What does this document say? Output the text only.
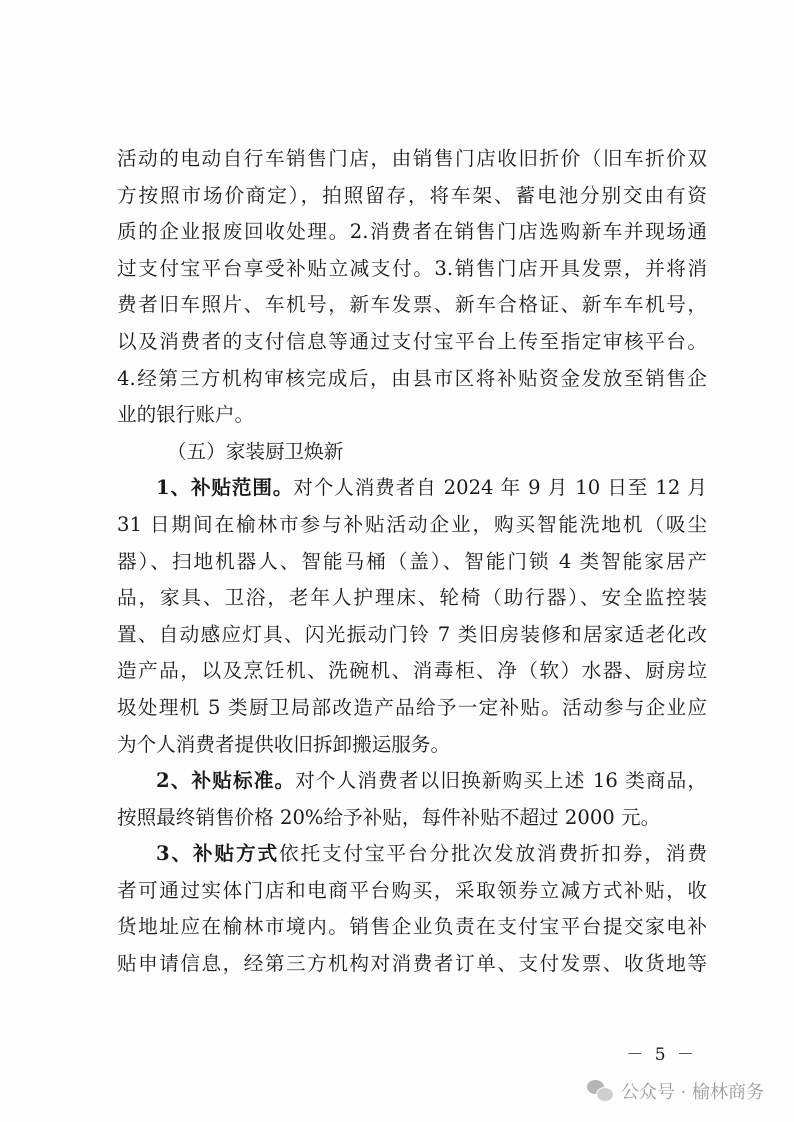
活动的电动自行车销售门店，由销售门店收旧折价（旧车折价双
方按照市场价商定），拍照留存，将车架、蓄电池分别交由有资
质的企业报废回收处理。2.消费者在销售门店选购新车并现场通
过支付宝平台享受补贴立减支付。3.销售门店开具发票，并将消
费者旧车照片、车机号，新车发票、新车合格证、新车车机号，
以及消费者的支付信息等通过支付宝平台上传至指定审核平台。
4.经第三方机构审核完成后，由县市区将补贴资金发放至销售企
业的银行账户。
（五）家装厨卫焕新
1、补贴范围。对个人消费者自 2024 年 9 月 10 日至 12 月
31 日期间在榆林市参与补贴活动企业，购买智能洗地机（吸尘
器）、扫地机器人、智能马桶（盖）、智能门锁 4 类智能家居产
品，家具、卫浴，老年人护理床、轮椅（助行器）、安全监控装
置、自动感应灯具、闪光振动门铃 7 类旧房装修和居家适老化改
造产品，以及烹饪机、洗碗机、消毒柜、净（软）水器、厨房垃
圾处理机 5 类厨卫局部改造产品给予一定补贴。活动参与企业应
为个人消费者提供收旧拆卸搬运服务。
2、补贴标准。对个人消费者以旧换新购买上述 16 类商品，
按照最终销售价格 20%给予补贴，每件补贴不超过 2000 元。
3、补贴方式依托支付宝平台分批次发放消费折扣券，消费
者可通过实体门店和电商平台购买，采取领券立减方式补贴，收
货地址应在榆林市境内。销售企业负责在支付宝平台提交家电补
贴申请信息，经第三方机构对消费者订单、支付发票、收货地等
－ 5 －
公众号 · 榆林商务
